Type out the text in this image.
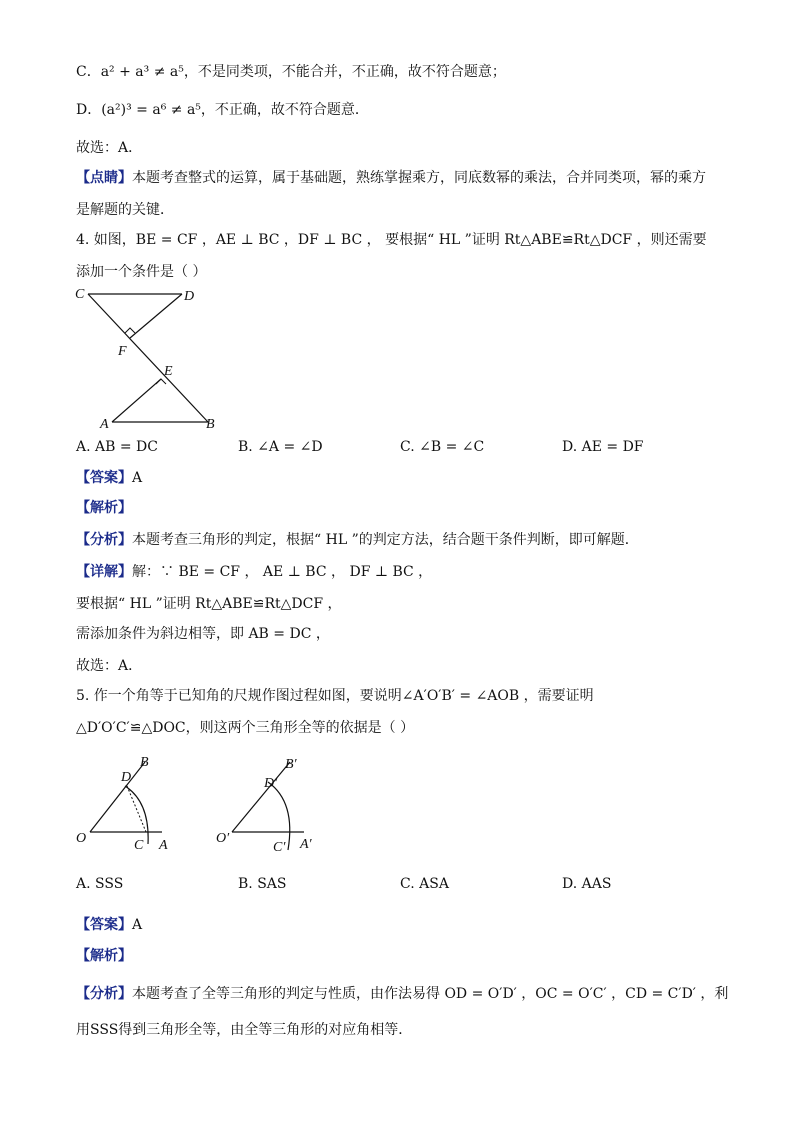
C．a² + a³ ≠ a⁵，不是同类项，不能合并，不正确，故不符合题意；
D．(a²)³ = a⁶ ≠ a⁵，不正确，故不符合题意．
故选：A．
【点睛】本题考查整式的运算，属于基础题，熟练掌握乘方，同底数幂的乘法，合并同类项，幂的乘方
是解题的关键．
4. 如图，BE = CF ，AE ⊥ BC ，DF ⊥ BC ， 要根据“ HL ”证明 Rt△ABE≌Rt△DCF ，则还需要
添加一个条件是（ ）
C	D
F
E
A	B
A. AB = DC	B. ∠A = ∠D	C. ∠B = ∠C	D. AE = DF
【答案】A
【解析】
【分析】本题考查三角形的判定，根据“ HL ”的判定方法，结合题干条件判断，即可解题．
【详解】解：∵ BE = CF ， AE ⊥ BC ， DF ⊥ BC ，
要根据“ HL ”证明 Rt△ABE≌Rt△DCF ，
需添加条件为斜边相等，即 AB = DC ，
故选：A．
5. 作一个角等于已知角的尺规作图过程如图，要说明∠A′O′B′ = ∠AOB ，需要证明
△D′O′C′≌△DOC，则这两个三角形全等的依据是（ ）
O	C A
D
B
O′
C′ A′
D′
B′
A. SSS	B. SAS	C. ASA	D. AAS
【答案】A
【解析】
【分析】本题考查了全等三角形的判定与性质，由作法易得 OD = O′D′ ，OC = O′C′ ，CD = C′D′ ，利
用SSS得到三角形全等，由全等三角形的对应角相等．
